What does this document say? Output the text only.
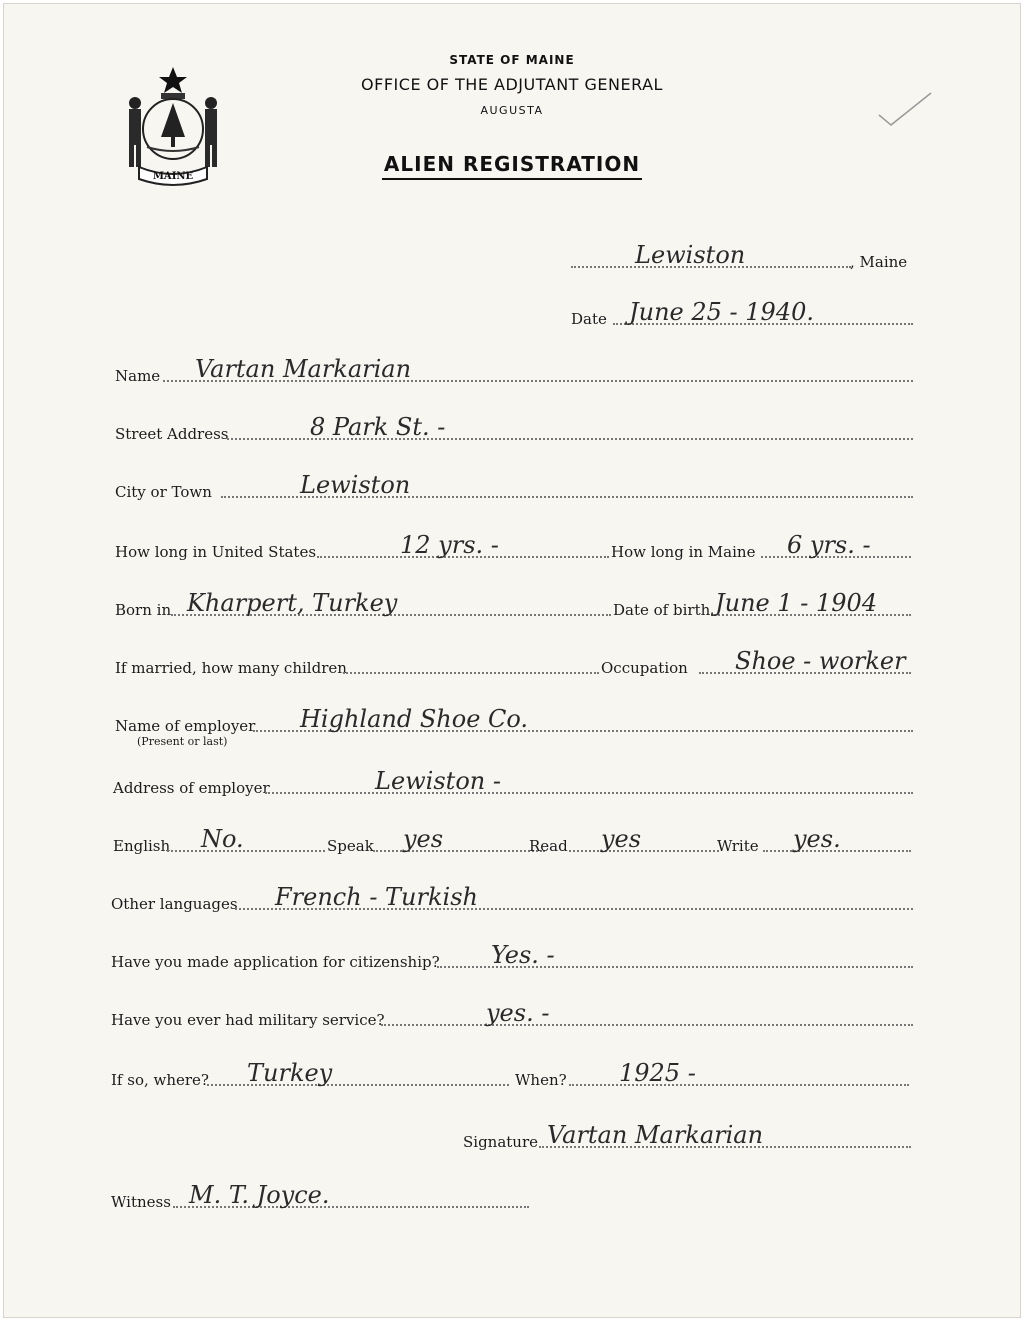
MAINE
STATE OF MAINE
OFFICE OF THE ADJUTANT GENERAL
AUGUSTA
ALIEN REGISTRATION
Lewiston	, Maine
Date June 25 - 1940.
Name Vartan Markarian
Street Address	8 Park St. -
City or Town	Lewiston
How long in United States	12 yrs. -	How long in Maine 6 yrs. -
Born in Kharpert, Turkey	Date of birth June 1 - 1904
If married, how many children	Occupation Shoe - worker
Name of employer Highland Shoe Co.
(Present or last)
Address of employer	Lewiston -
English No.	Speak yes	Read yes	Write yes.
Other languages French - Turkish
Have you made application for citizenship? Yes. -
Have you ever had military service?	yes. -
If so, where? Turkey	When? 1925 -
Signature Vartan Markarian
Witness M. T. Joyce.
